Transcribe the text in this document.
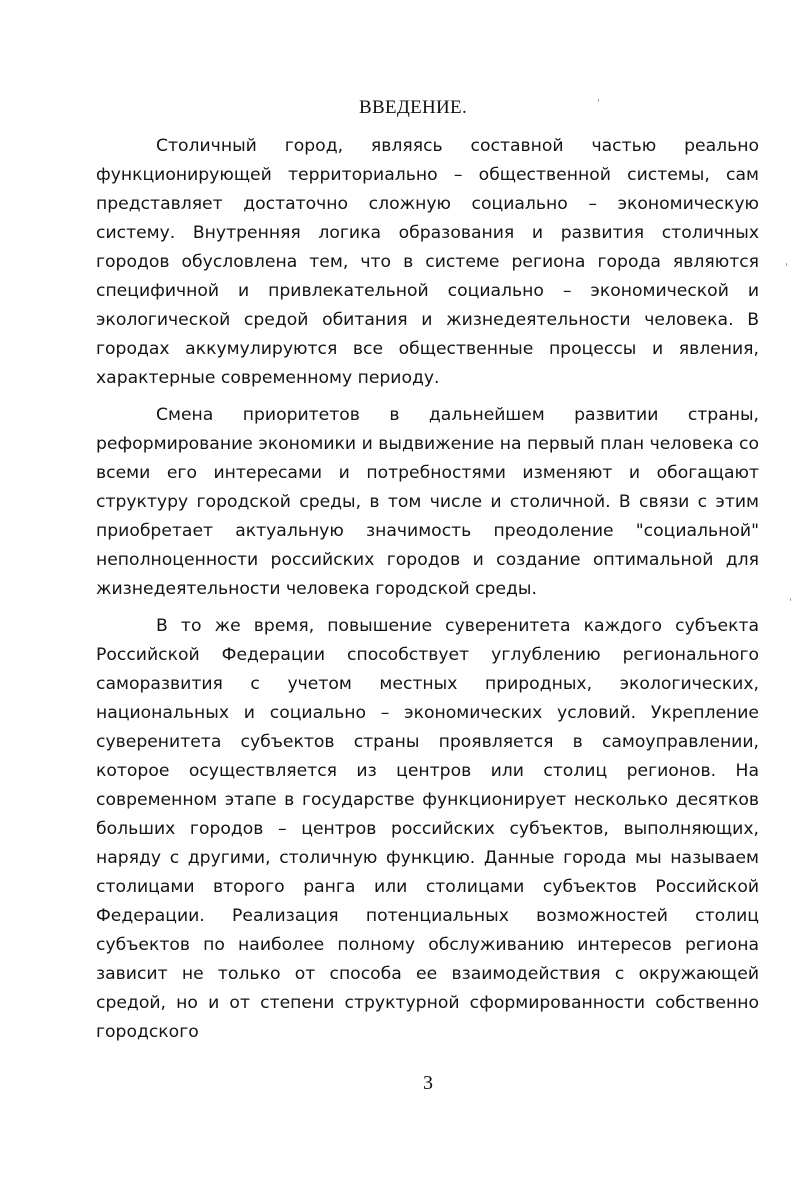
ВВЕДЕНИЕ.

Столичный город, являясь составной частью реально функционирующей территориально – общественной системы, сам представляет достаточно сложную социально – экономическую систему. Внутренняя логика образования и развития столичных городов обусловлена тем, что в системе региона города являются специфичной и привлекательной социально – экономической и экологической средой обитания и жизнедеятельности человека. В городах аккумулируются все общественные процессы и явления, характерные современному периоду.

Смена приоритетов в дальнейшем развитии страны, реформирование экономики и выдвижение на первый план человека со всеми его интересами и потребностями изменяют и обогащают структуру городской среды, в том числе и столичной. В связи с этим приобретает актуальную значимость преодоление "социальной" неполноценности российских городов и создание оптимальной для жизнедеятельности человека городской среды.

В то же время, повышение суверенитета каждого субъекта Российской Федерации способствует углублению регионального саморазвития с учетом местных природных, экологических, национальных и социально – экономических условий. Укрепление суверенитета субъектов страны проявляется в самоуправлении, которое осуществляется из центров или столиц регионов. На современном этапе в государстве функционирует несколько десятков больших городов – центров российских субъектов, выполняющих, наряду с другими, столичную функцию. Данные города мы называем столицами второго ранга или столицами субъектов Российской Федерации. Реализация потенциальных возможностей столиц субъектов по наиболее полному обслуживанию интересов региона зависит не только от способа ее взаимодействия с окружающей средой, но и от степени структурной сформированности собственно городского

3
